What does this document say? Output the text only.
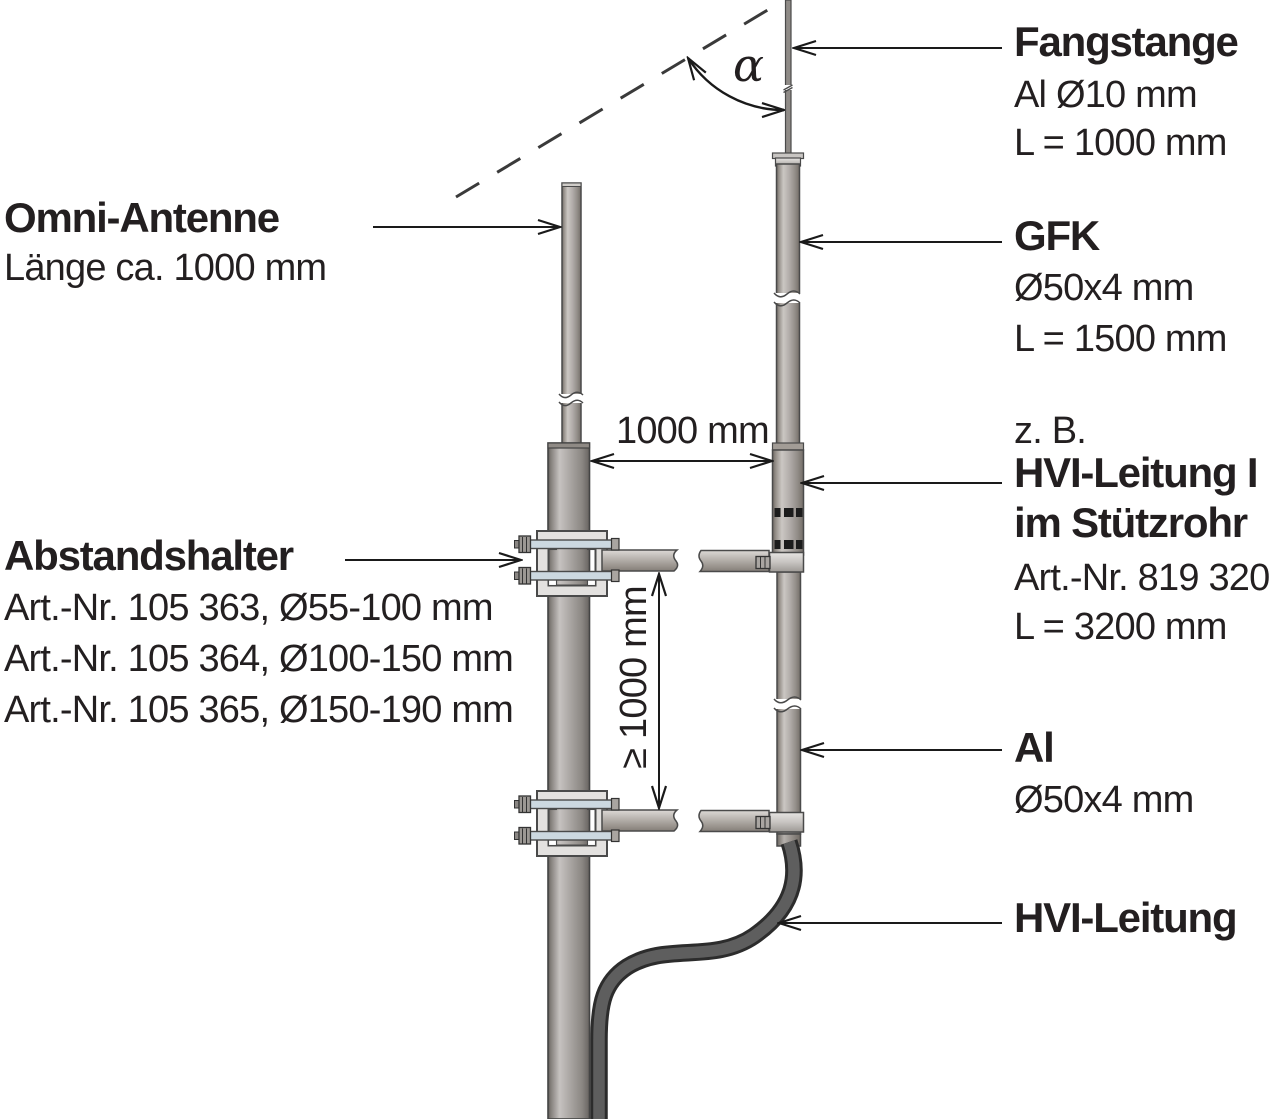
Omni-Antenne
Länge ca. 1000 mm
Abstandshalter
Art.-Nr. 105 363, Ø55-100 mm
Art.-Nr. 105 364, Ø100-150 mm
Art.-Nr. 105 365, Ø150-190 mm
Fangstange
Al Ø10 mm
L = 1000 mm
GFK
Ø50x4 mm
L = 1500 mm
z. B.
HVI-Leitung I
im Stützrohr
Art.-Nr. 819 320
L = 3200 mm
Al
Ø50x4 mm
HVI-Leitung
1000 mm
≥ 1000 mm
α
